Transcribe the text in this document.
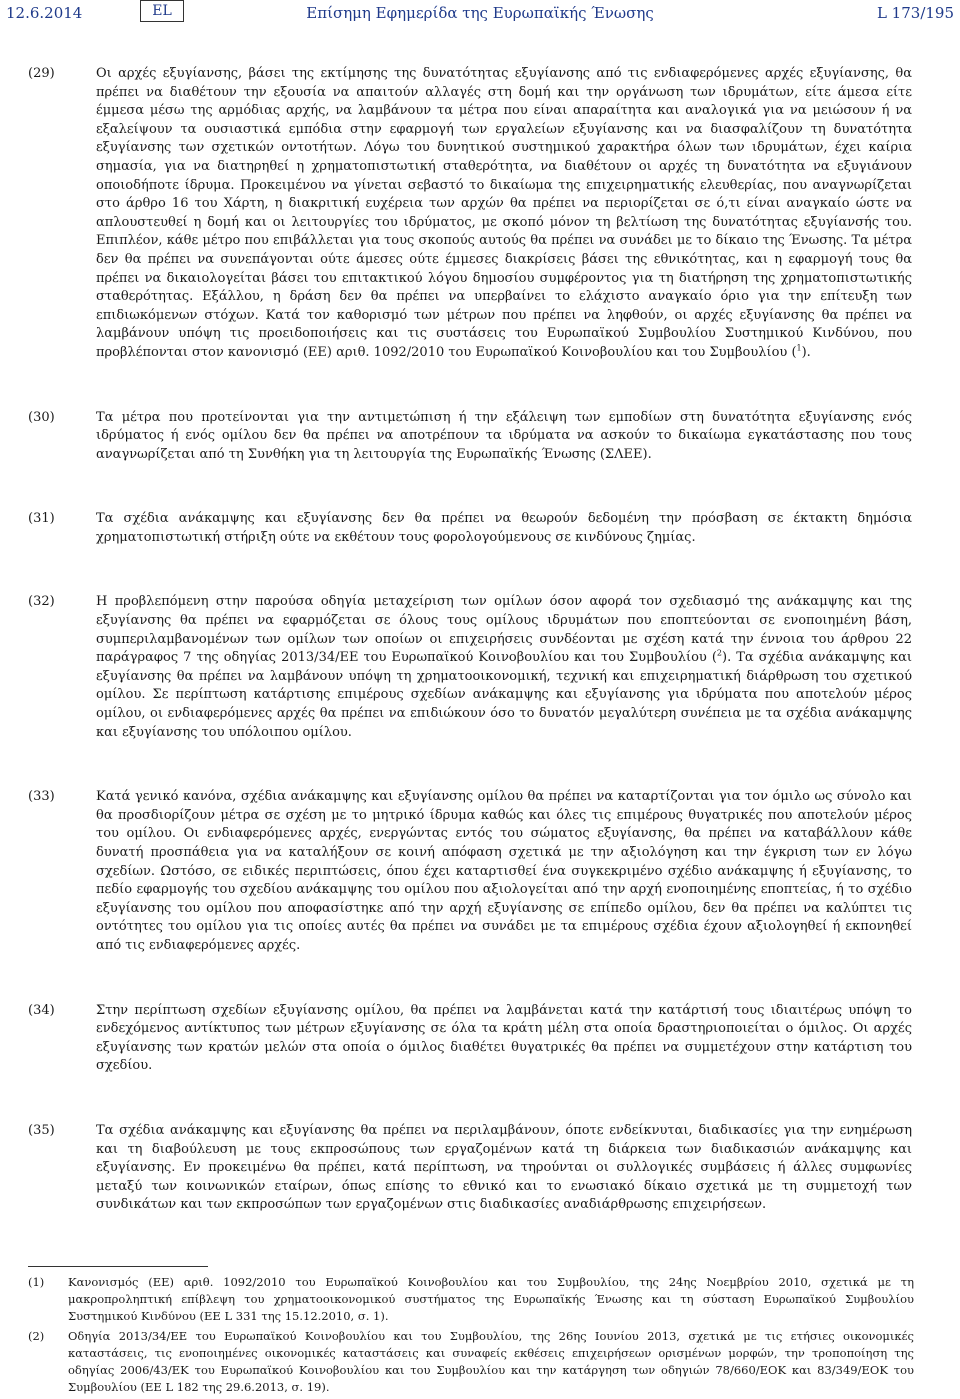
12.6.2014	EL	Επίσημη Εφημερίδα της Ευρωπαϊκής Ένωσης	L 173/195
(29)	Οι αρχές εξυγίανσης, βάσει της εκτίμησης της δυνατότητας εξυγίανσης από τις ενδιαφερόμενες αρχές εξυγίανσης, θα πρέπει να διαθέτουν την εξουσία να απαιτούν αλλαγές στη δομή και την οργάνωση των ιδρυμάτων, είτε άμεσα είτε έμμεσα μέσω της αρμόδιας αρχής, να λαμβάνουν τα μέτρα που είναι απαραίτητα και αναλογικά για να μειώσουν ή να εξαλείψουν τα ουσιαστικά εμπόδια στην εφαρμογή των εργαλείων εξυγίανσης και να διασφαλίζουν τη δυνατότητα εξυγίανσης των σχετικών οντοτήτων. Λόγω του δυνητικού συστημικού χαρακτήρα όλων των ιδρυμάτων, έχει καίρια σημασία, για να διατηρηθεί η χρηματοπιστωτική σταθερότητα, να διαθέτουν οι αρχές τη δυνατότητα να εξυγιάνουν οποιοδήποτε ίδρυμα. Προκειμένου να γίνεται σεβαστό το δικαίωμα της επιχειρηματικής ελευθερίας, που αναγνωρίζεται στο άρθρο 16 του Χάρτη, η διακριτική ευχέρεια των αρχών θα πρέπει να περιορίζεται σε ό,τι είναι αναγκαίο ώστε να απλουστευθεί η δομή και οι λειτουργίες του ιδρύματος, με σκοπό μόνον τη βελτίωση της δυνατότητας εξυγίανσής του. Επιπλέον, κάθε μέτρο που επιβάλλεται για τους σκοπούς αυτούς θα πρέπει να συνάδει με το δίκαιο της Ένωσης. Τα μέτρα δεν θα πρέπει να συνεπάγονται ούτε άμεσες ούτε έμμεσες διακρίσεις βάσει της εθνικότητας, και η εφαρμογή τους θα πρέπει να δικαιολογείται βάσει του επιτακτικού λόγου δημοσίου συμφέροντος για τη διατήρηση της χρηματοπιστωτικής σταθερότητας. Εξάλλου, η δράση δεν θα πρέπει να υπερβαίνει το ελάχιστο αναγκαίο όριο για την επίτευξη των επιδιωκόμενων στόχων. Κατά τον καθορισμό των μέτρων που πρέπει να ληφθούν, οι αρχές εξυγίανσης θα πρέπει να λαμβάνουν υπόψη τις προειδοποιήσεις και τις συστάσεις του Ευρωπαϊκού Συμβουλίου Συστημικού Κινδύνου, που προβλέπονται στον κανονισμό (ΕΕ) αριθ. 1092/2010 του Ευρωπαϊκού Κοινοβουλίου και του Συμβουλίου ($^1$).
(30)	Τα μέτρα που προτείνονται για την αντιμετώπιση ή την εξάλειψη των εμποδίων στη δυνατότητα εξυγίανσης ενός ιδρύματος ή ενός ομίλου δεν θα πρέπει να αποτρέπουν τα ιδρύματα να ασκούν το δικαίωμα εγκατάστασης που τους αναγνωρίζεται από τη Συνθήκη για τη λειτουργία της Ευρωπαϊκής Ένωσης (ΣΛΕΕ).
(31)	Τα σχέδια ανάκαμψης και εξυγίανσης δεν θα πρέπει να θεωρούν δεδομένη την πρόσβαση σε έκτακτη δημόσια χρηματοπιστωτική στήριξη ούτε να εκθέτουν τους φορολογούμενους σε κινδύνους ζημίας.
(32)	Η προβλεπόμενη στην παρούσα οδηγία μεταχείριση των ομίλων όσον αφορά τον σχεδιασμό της ανάκαμψης και της εξυγίανσης θα πρέπει να εφαρμόζεται σε όλους τους ομίλους ιδρυμάτων που εποπτεύονται σε ενοποιημένη βάση, συμπεριλαμβανομένων των ομίλων των οποίων οι επιχειρήσεις συνδέονται με σχέση κατά την έννοια του άρθρου 22 παράγραφος 7 της οδηγίας 2013/34/ΕΕ του Ευρωπαϊκού Κοινοβουλίου και του Συμβουλίου ($^2$). Τα σχέδια ανάκαμψης και εξυγίανσης θα πρέπει να λαμβάνουν υπόψη τη χρηματοοικονομική, τεχνική και επιχειρηματική διάρθρωση του σχετικού ομίλου. Σε περίπτωση κατάρτισης επιμέρους σχεδίων ανάκαμψης και εξυγίανσης για ιδρύματα που αποτελούν μέρος ομίλου, οι ενδιαφερόμενες αρχές θα πρέπει να επιδιώκουν όσο το δυνατόν μεγαλύτερη συνέπεια με τα σχέδια ανάκαμψης και εξυγίανσης του υπόλοιπου ομίλου.
(33)	Κατά γενικό κανόνα, σχέδια ανάκαμψης και εξυγίανσης ομίλου θα πρέπει να καταρτίζονται για τον όμιλο ως σύνολο και θα προσδιορίζουν μέτρα σε σχέση με το μητρικό ίδρυμα καθώς και όλες τις επιμέρους θυγατρικές που αποτελούν μέρος του ομίλου. Οι ενδιαφερόμενες αρχές, ενεργώντας εντός του σώματος εξυγίανσης, θα πρέπει να καταβάλλουν κάθε δυνατή προσπάθεια για να καταλήξουν σε κοινή απόφαση σχετικά με την αξιολόγηση και την έγκριση των εν λόγω σχεδίων. Ωστόσο, σε ειδικές περιπτώσεις, όπου έχει καταρτισθεί ένα συγκεκριμένο σχέδιο ανάκαμψης ή εξυγίανσης, το πεδίο εφαρμογής του σχεδίου ανάκαμψης του ομίλου που αξιολογείται από την αρχή ενοποιημένης εποπτείας, ή το σχέδιο εξυγίανσης του ομίλου που αποφασίστηκε από την αρχή εξυγίανσης σε επίπεδο ομίλου, δεν θα πρέπει να καλύπτει τις οντότητες του ομίλου για τις οποίες αυτές θα πρέπει να συνάδει με τα επιμέρους σχέδια έχουν αξιολογηθεί ή εκπονηθεί από τις ενδιαφερόμενες αρχές.
(34)	Στην περίπτωση σχεδίων εξυγίανσης ομίλου, θα πρέπει να λαμβάνεται κατά την κατάρτισή τους ιδιαιτέρως υπόψη το ενδεχόμενος αντίκτυπος των μέτρων εξυγίανσης σε όλα τα κράτη μέλη στα οποία δραστηριοποιείται ο όμιλος. Οι αρχές εξυγίανσης των κρατών μελών στα οποία ο όμιλος διαθέτει θυγατρικές θα πρέπει να συμμετέχουν στην κατάρτιση του σχεδίου.
(35)	Τα σχέδια ανάκαμψης και εξυγίανσης θα πρέπει να περιλαμβάνουν, όποτε ενδείκνυται, διαδικασίες για την ενημέρωση και τη διαβούλευση με τους εκπροσώπους των εργαζομένων κατά τη διάρκεια των διαδικασιών ανάκαμψης και εξυγίανσης. Εν προκειμένω θα πρέπει, κατά περίπτωση, να τηρούνται οι συλλογικές συμβάσεις ή άλλες συμφωνίες μεταξύ των κοινωνικών εταίρων, όπως επίσης το εθνικό και το ενωσιακό δίκαιο σχετικά με τη συμμετοχή των συνδικάτων και των εκπροσώπων των εργαζομένων στις διαδικασίες αναδιάρθρωσης επιχειρήσεων.
(1) Κανονισμός (ΕΕ) αριθ. 1092/2010 του Ευρωπαϊκού Κοινοβουλίου και του Συμβουλίου, της 24ης Νοεμβρίου 2010, σχετικά με τη μακροπροληπτική επίβλεψη του χρηματοοικονομικού συστήματος της Ευρωπαϊκής Ένωσης και τη σύσταση Ευρωπαϊκού Συμβουλίου Συστημικού Κινδύνου (ΕΕ L 331 της 15.12.2010, σ. 1).
(2) Οδηγία 2013/34/ΕΕ του Ευρωπαϊκού Κοινοβουλίου και του Συμβουλίου, της 26ης Ιουνίου 2013, σχετικά με τις ετήσιες οικονομικές καταστάσεις, τις ενοποιημένες οικονομικές καταστάσεις και συναφείς εκθέσεις επιχειρήσεων ορισμένων μορφών, την τροποποίηση της οδηγίας 2006/43/ΕΚ του Ευρωπαϊκού Κοινοβουλίου και του Συμβουλίου και την κατάργηση των οδηγιών 78/660/ΕΟΚ και 83/349/ΕΟΚ του Συμβουλίου (ΕΕ L 182 της 29.6.2013, σ. 19).
